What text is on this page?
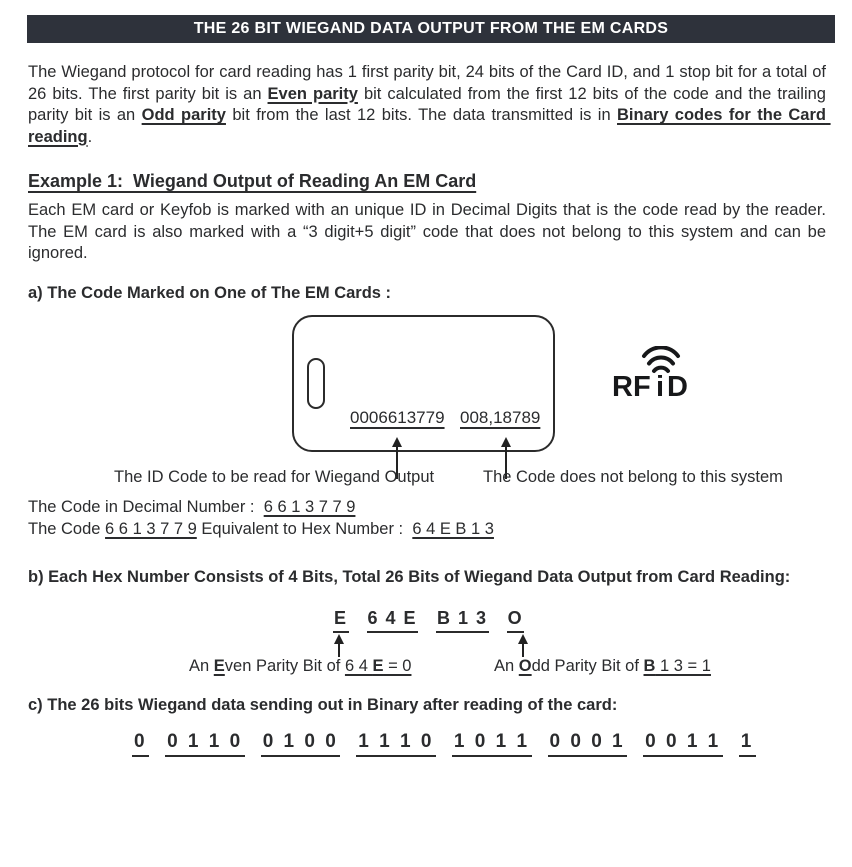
THE 26 BIT WIEGAND DATA OUTPUT FROM THE EM CARDS
The Wiegand protocol for card reading has 1 first parity bit, 24 bits of the Card ID, and 1 stop bit for a total of 26 bits. The first parity bit is an Even parity bit calculated from the first 12 bits of the code and the trailing parity bit is an Odd parity bit from the last 12 bits. The data transmitted is in Binary codes for the Card reading.
Example 1:  Wiegand Output of Reading An EM Card
Each EM card or Keyfob is marked with an unique ID in Decimal Digits that is the code read by the reader. The EM card is also marked with a “3 digit+5 digit” code that does not belong to this system and can be ignored.
a) The Code Marked on One of The EM Cards :
0006613779 008,18789
RF i D
The ID Code to be read for Wiegand Output	The Code does not belong to this system
The Code in Decimal Number :  6 6 1 3 7 7 9
The Code 6 6 1 3 7 7 9 Equivalent to Hex Number :  6 4 E B 1 3
b) Each Hex Number Consists of 4 Bits, Total 26 Bits of Wiegand Data Output from Card Reading:
E 6 4 E B 1 3 O
An Even Parity Bit of 6 4 E = 0	An Odd Parity Bit of B 1 3 = 1
c) The 26 bits Wiegand data sending out in Binary after reading of the card:
0 0 1 1 0 0 1 0 0 1 1 1 0 1 0 1 1 0 0 0 1 0 0 1 1 1
